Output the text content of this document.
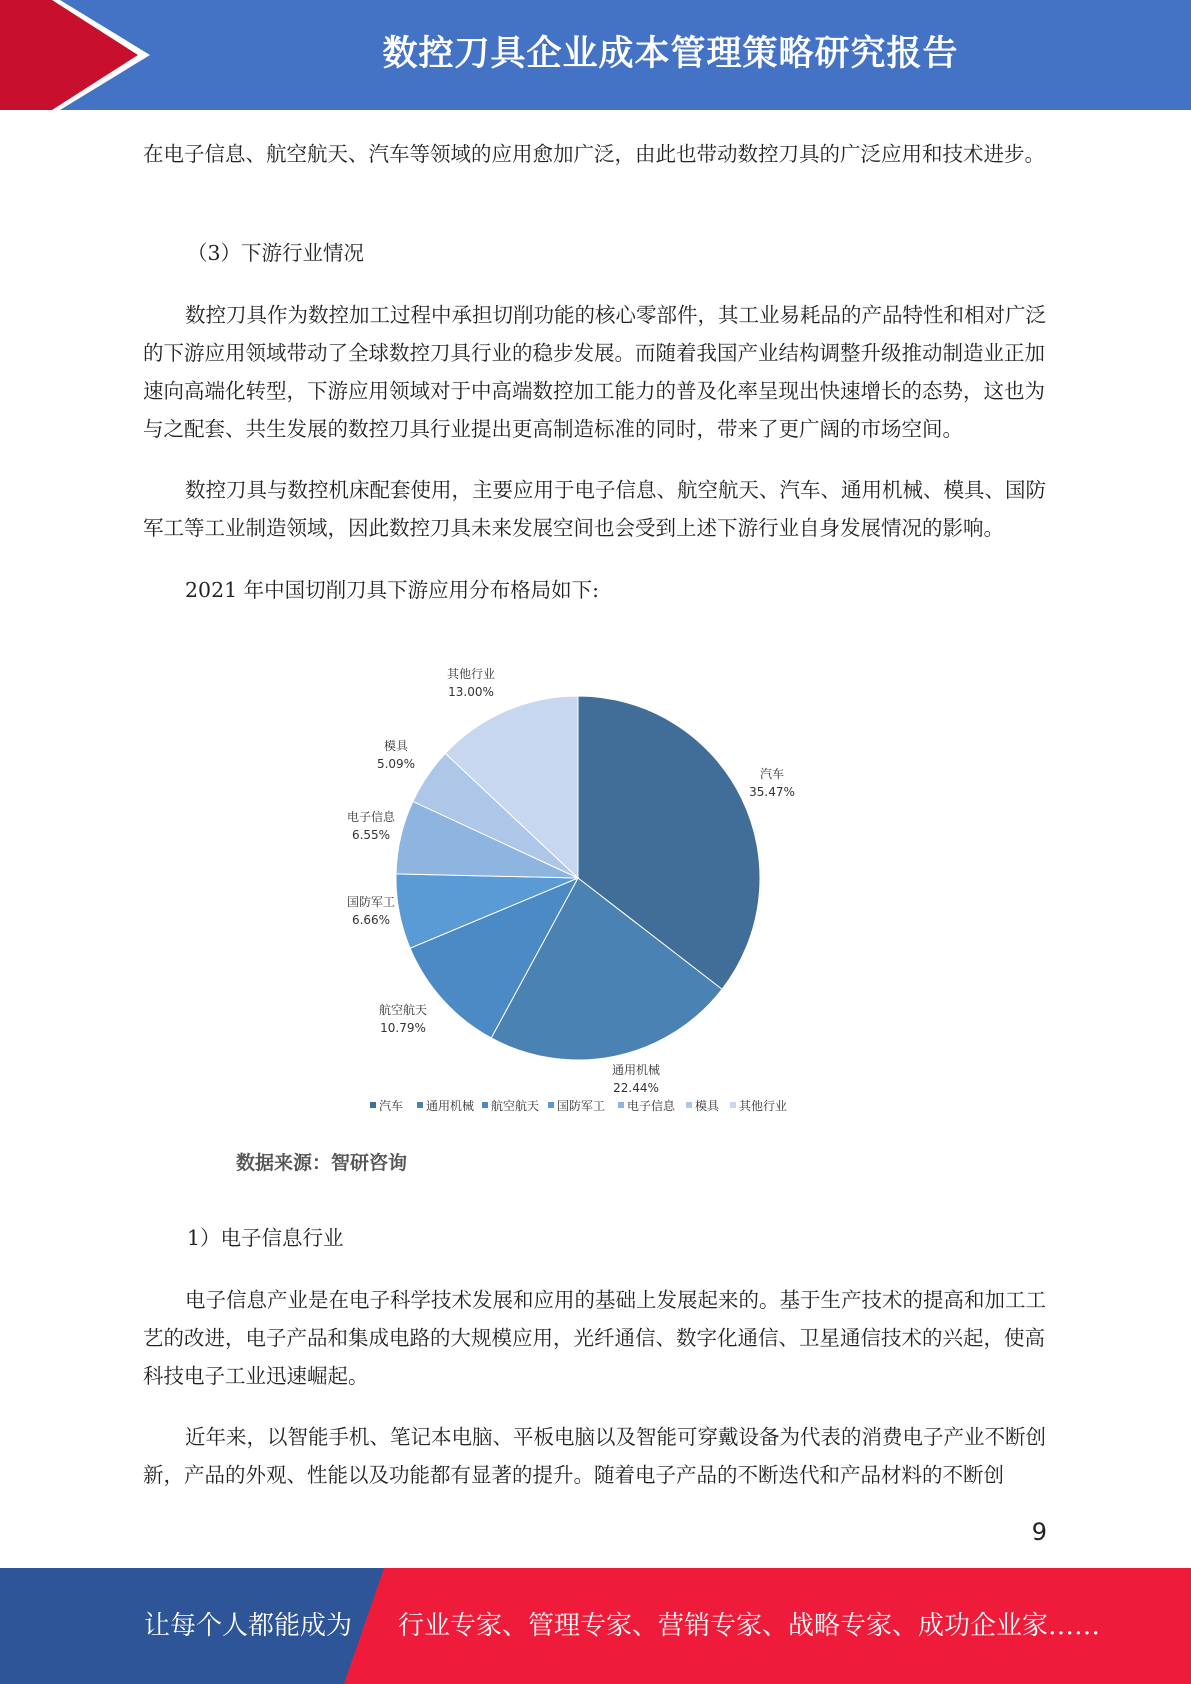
数控刀具企业成本管理策略研究报告

在电子信息、航空航天、汽车等领域的应用愈加广泛，由此也带动数控刀具的广泛应用和技术进步。

（3）下游行业情况

数控刀具作为数控加工过程中承担切削功能的核心零部件，其工业易耗品的产品特性和相对广泛的下游应用领域带动了全球数控刀具行业的稳步发展。而随着我国产业结构调整升级推动制造业正加速向高端化转型，下游应用领域对于中高端数控加工能力的普及化率呈现出快速增长的态势，这也为与之配套、共生发展的数控刀具行业提出更高制造标准的同时，带来了更广阔的市场空间。

数控刀具与数控机床配套使用，主要应用于电子信息、航空航天、汽车、通用机械、模具、国防军工等工业制造领域，因此数控刀具未来发展空间也会受到上述下游行业自身发展情况的影响。

2021 年中国切削刀具下游应用分布格局如下:

汽车
35.47%
通用机械
22.44%
航空航天
10.79%
国防军工
6.66%
电子信息
6.55%
模具
5.09%
其他行业
13.00%
汽车 通用机械 航空航天 国防军工 电子信息 模具 其他行业
数据来源：智研咨询

1）电子信息行业

电子信息产业是在电子科学技术发展和应用的基础上发展起来的。基于生产技术的提高和加工工艺的改进，电子产品和集成电路的大规模应用，光纤通信、数字化通信、卫星通信技术的兴起，使高科技电子工业迅速崛起。

近年来，以智能手机、笔记本电脑、平板电脑以及智能可穿戴设备为代表的消费电子产业不断创新，产品的外观、性能以及功能都有显著的提升。随着电子产品的不断迭代和产品材料的不断创

9
让每个人都能成为 行业专家、管理专家、营销专家、战略专家、成功企业家……
